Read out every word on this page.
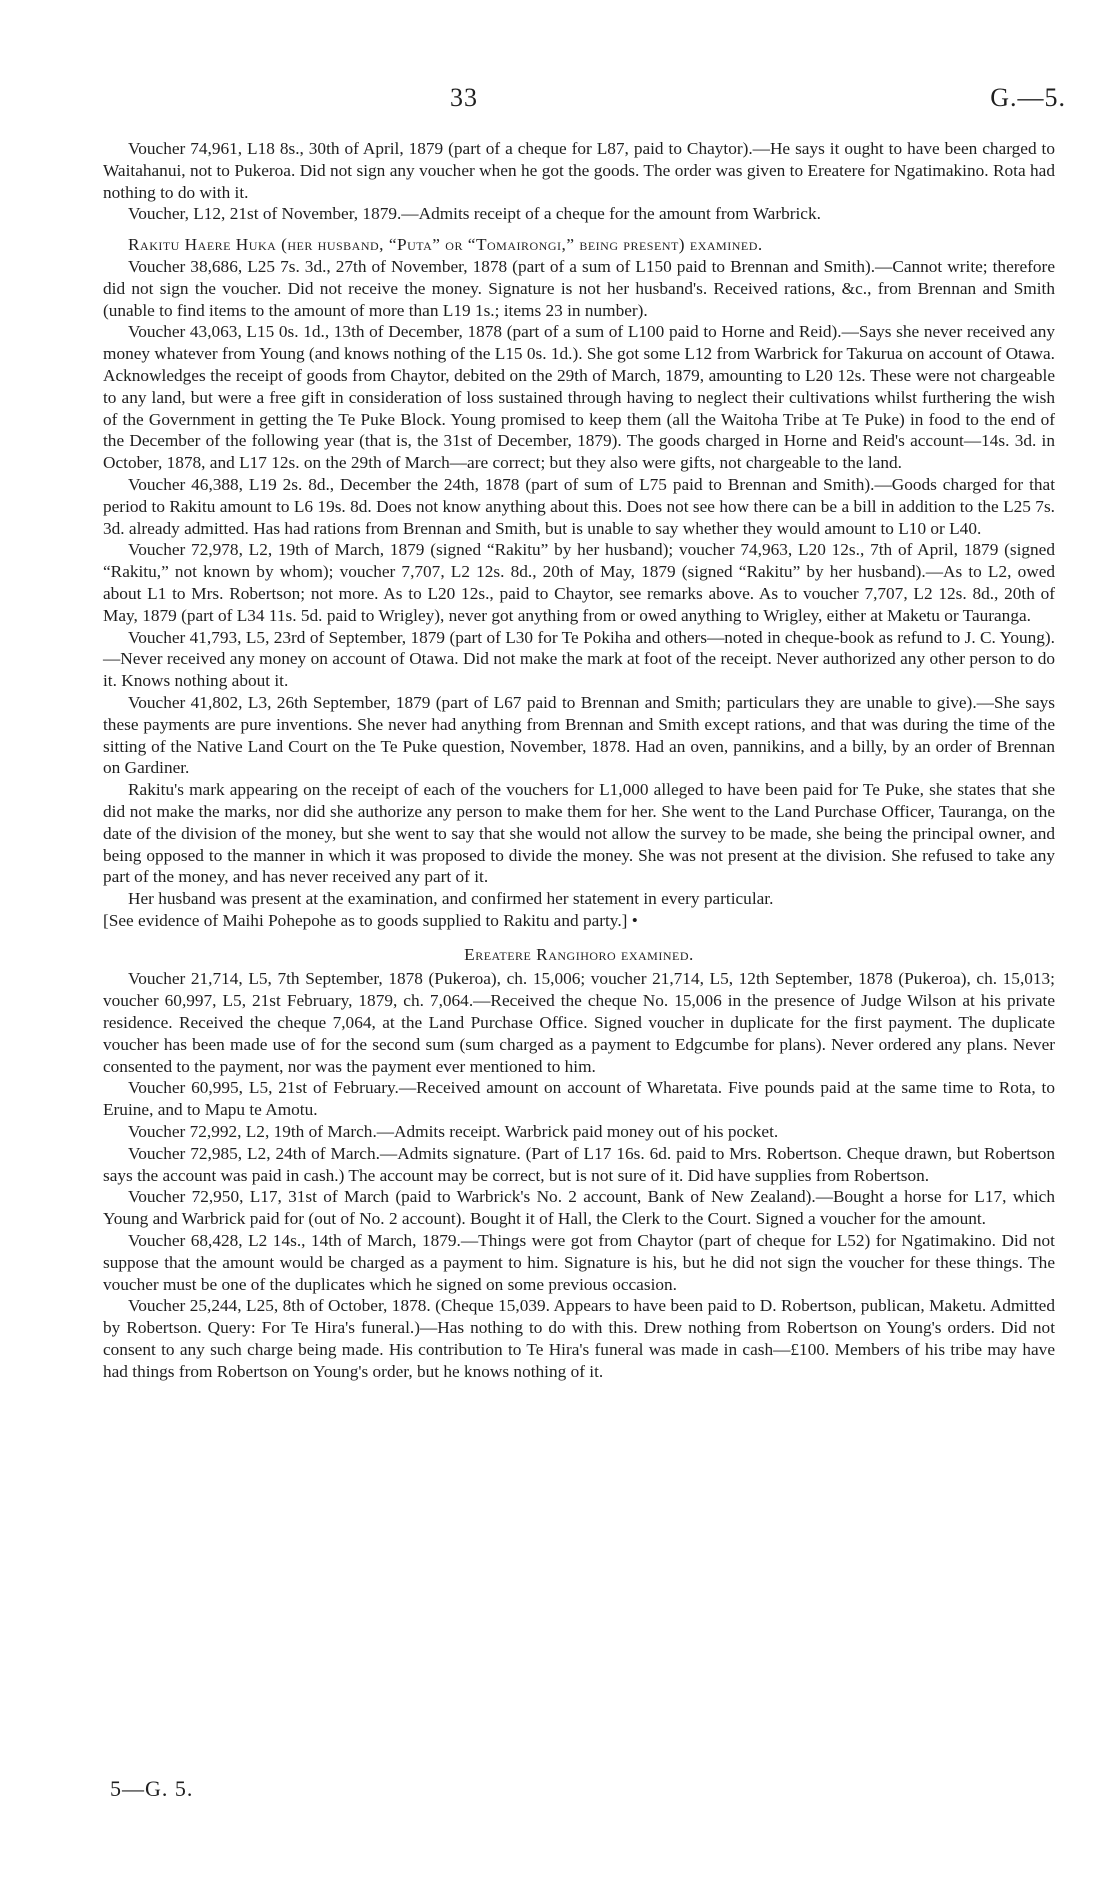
33	G.—5.

Voucher 74,961, L18 8s., 30th of April, 1879 (part of a cheque for L87, paid to Chaytor).—He says it ought to have been charged to Waitahanui, not to Pukeroa. Did not sign any voucher when he got the goods. The order was given to Ereatere for Ngatimakino. Rota had nothing to do with it.

Voucher, L12, 21st of November, 1879.—Admits receipt of a cheque for the amount from Warbrick.

Rakitu Haere Huka (her husband, “Puta” or “Tomairongi,” being present) examined.

Voucher 38,686, L25 7s. 3d., 27th of November, 1878 (part of a sum of L150 paid to Brennan and Smith).—Cannot write; therefore did not sign the voucher. Did not receive the money. Signature is not her husband's. Received rations, &c., from Brennan and Smith (unable to find items to the amount of more than L19 1s.; items 23 in number).

Voucher 43,063, L15 0s. 1d., 13th of December, 1878 (part of a sum of L100 paid to Horne and Reid).—Says she never received any money whatever from Young (and knows nothing of the L15 0s. 1d.). She got some L12 from Warbrick for Takurua on account of Otawa. Acknowledges the receipt of goods from Chaytor, debited on the 29th of March, 1879, amounting to L20 12s. These were not chargeable to any land, but were a free gift in consideration of loss sustained through having to neglect their cultivations whilst furthering the wish of the Government in getting the Te Puke Block. Young promised to keep them (all the Waitoha Tribe at Te Puke) in food to the end of the December of the following year (that is, the 31st of December, 1879). The goods charged in Horne and Reid's account—14s. 3d. in October, 1878, and L17 12s. on the 29th of March—are correct; but they also were gifts, not chargeable to the land.

Voucher 46,388, L19 2s. 8d., December the 24th, 1878 (part of sum of L75 paid to Brennan and Smith).—Goods charged for that period to Rakitu amount to L6 19s. 8d. Does not know anything about this. Does not see how there can be a bill in addition to the L25 7s. 3d. already admitted. Has had rations from Brennan and Smith, but is unable to say whether they would amount to L10 or L40.

Voucher 72,978, L2, 19th of March, 1879 (signed “Rakitu” by her husband); voucher 74,963, L20 12s., 7th of April, 1879 (signed “Rakitu,” not known by whom); voucher 7,707, L2 12s. 8d., 20th of May, 1879 (signed “Rakitu” by her husband).—As to L2, owed about L1 to Mrs. Robertson; not more. As to L20 12s., paid to Chaytor, see remarks above. As to voucher 7,707, L2 12s. 8d., 20th of May, 1879 (part of L34 11s. 5d. paid to Wrigley), never got anything from or owed anything to Wrigley, either at Maketu or Tauranga.

Voucher 41,793, L5, 23rd of September, 1879 (part of L30 for Te Pokiha and others—noted in cheque-book as refund to J. C. Young).—Never received any money on account of Otawa. Did not make the mark at foot of the receipt. Never authorized any other person to do it. Knows nothing about it.

Voucher 41,802, L3, 26th September, 1879 (part of L67 paid to Brennan and Smith; particulars they are unable to give).—She says these payments are pure inventions. She never had anything from Brennan and Smith except rations, and that was during the time of the sitting of the Native Land Court on the Te Puke question, November, 1878. Had an oven, pannikins, and a billy, by an order of Brennan on Gardiner.

Rakitu's mark appearing on the receipt of each of the vouchers for L1,000 alleged to have been paid for Te Puke, she states that she did not make the marks, nor did she authorize any person to make them for her. She went to the Land Purchase Officer, Tauranga, on the date of the division of the money, but she went to say that she would not allow the survey to be made, she being the principal owner, and being opposed to the manner in which it was proposed to divide the money. She was not present at the division. She refused to take any part of the money, and has never received any part of it.

Her husband was present at the examination, and confirmed her statement in every particular.

[See evidence of Maihi Pohepohe as to goods supplied to Rakitu and party.] •

Ereatere Rangihoro examined.

Voucher 21,714, L5, 7th September, 1878 (Pukeroa), ch. 15,006; voucher 21,714, L5, 12th September, 1878 (Pukeroa), ch. 15,013; voucher 60,997, L5, 21st February, 1879, ch. 7,064.—Received the cheque No. 15,006 in the presence of Judge Wilson at his private residence. Received the cheque 7,064, at the Land Purchase Office. Signed voucher in duplicate for the first payment. The duplicate voucher has been made use of for the second sum (sum charged as a payment to Edgcumbe for plans). Never ordered any plans. Never consented to the payment, nor was the payment ever mentioned to him.

Voucher 60,995, L5, 21st of February.—Received amount on account of Wharetata. Five pounds paid at the same time to Rota, to Eruine, and to Mapu te Amotu.

Voucher 72,992, L2, 19th of March.—Admits receipt. Warbrick paid money out of his pocket.

Voucher 72,985, L2, 24th of March.—Admits signature. (Part of L17 16s. 6d. paid to Mrs. Robertson. Cheque drawn, but Robertson says the account was paid in cash.) The account may be correct, but is not sure of it. Did have supplies from Robertson.

Voucher 72,950, L17, 31st of March (paid to Warbrick's No. 2 account, Bank of New Zealand).—Bought a horse for L17, which Young and Warbrick paid for (out of No. 2 account). Bought it of Hall, the Clerk to the Court. Signed a voucher for the amount.

Voucher 68,428, L2 14s., 14th of March, 1879.—Things were got from Chaytor (part of cheque for L52) for Ngatimakino. Did not suppose that the amount would be charged as a payment to him. Signature is his, but he did not sign the voucher for these things. The voucher must be one of the duplicates which he signed on some previous occasion.

Voucher 25,244, L25, 8th of October, 1878. (Cheque 15,039. Appears to have been paid to D. Robertson, publican, Maketu. Admitted by Robertson. Query: For Te Hira's funeral.)—Has nothing to do with this. Drew nothing from Robertson on Young's orders. Did not consent to any such charge being made. His contribution to Te Hira's funeral was made in cash—£100. Members of his tribe may have had things from Robertson on Young's order, but he knows nothing of it.

5—G. 5.
